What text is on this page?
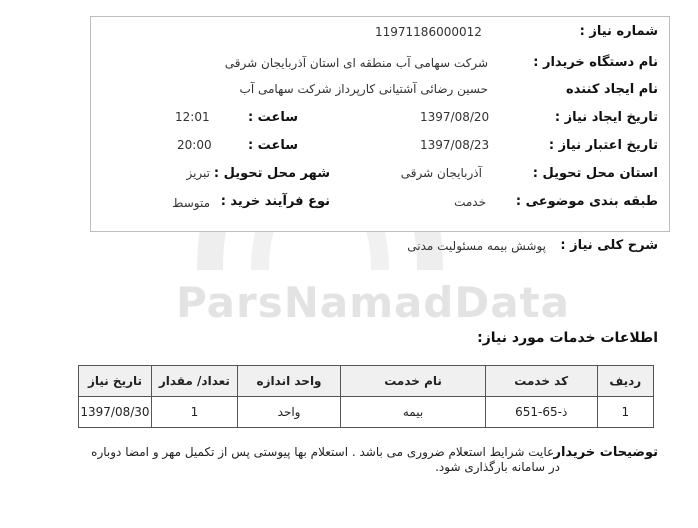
شماره نیاز :
11971186000012
نام دستگاه خریدار :
شرکت سهامی آب منطقه ای استان آذربایجان شرقی
نام ایجاد کننده
حسین رضائی آشتیانی کارپرداز شرکت سهامی آب
تاریخ ایجاد نیاز :
1397/08/20
ساعت :
12:01
تاریخ اعتبار نیاز :
1397/08/23
ساعت :
20:00
استان محل تحویل :
آذربایجان شرقی
شهر محل تحویل :
تبریز
طبقه بندی موضوعی :
خدمت
نوع فرآیند خرید :
متوسط
شرح کلی نیاز :
پوشش بیمه مسئولیت مدنی
ParsNamadData
اطلاعات خدمات مورد نیاز:
ردیف	کد خدمت	نام خدمت	واحد اندازه	تعداد/ مقدار	تاریخ نیاز
1	ذ-65-651	بیمه	واحد	1	1397/08/30
توضیحات خریدار
رعایت شرایط استعلام ضروری می باشد . استعلام بها پیوستی پس از تکمیل مهر و امضا دوباره در سامانه بارگذاری شود.
